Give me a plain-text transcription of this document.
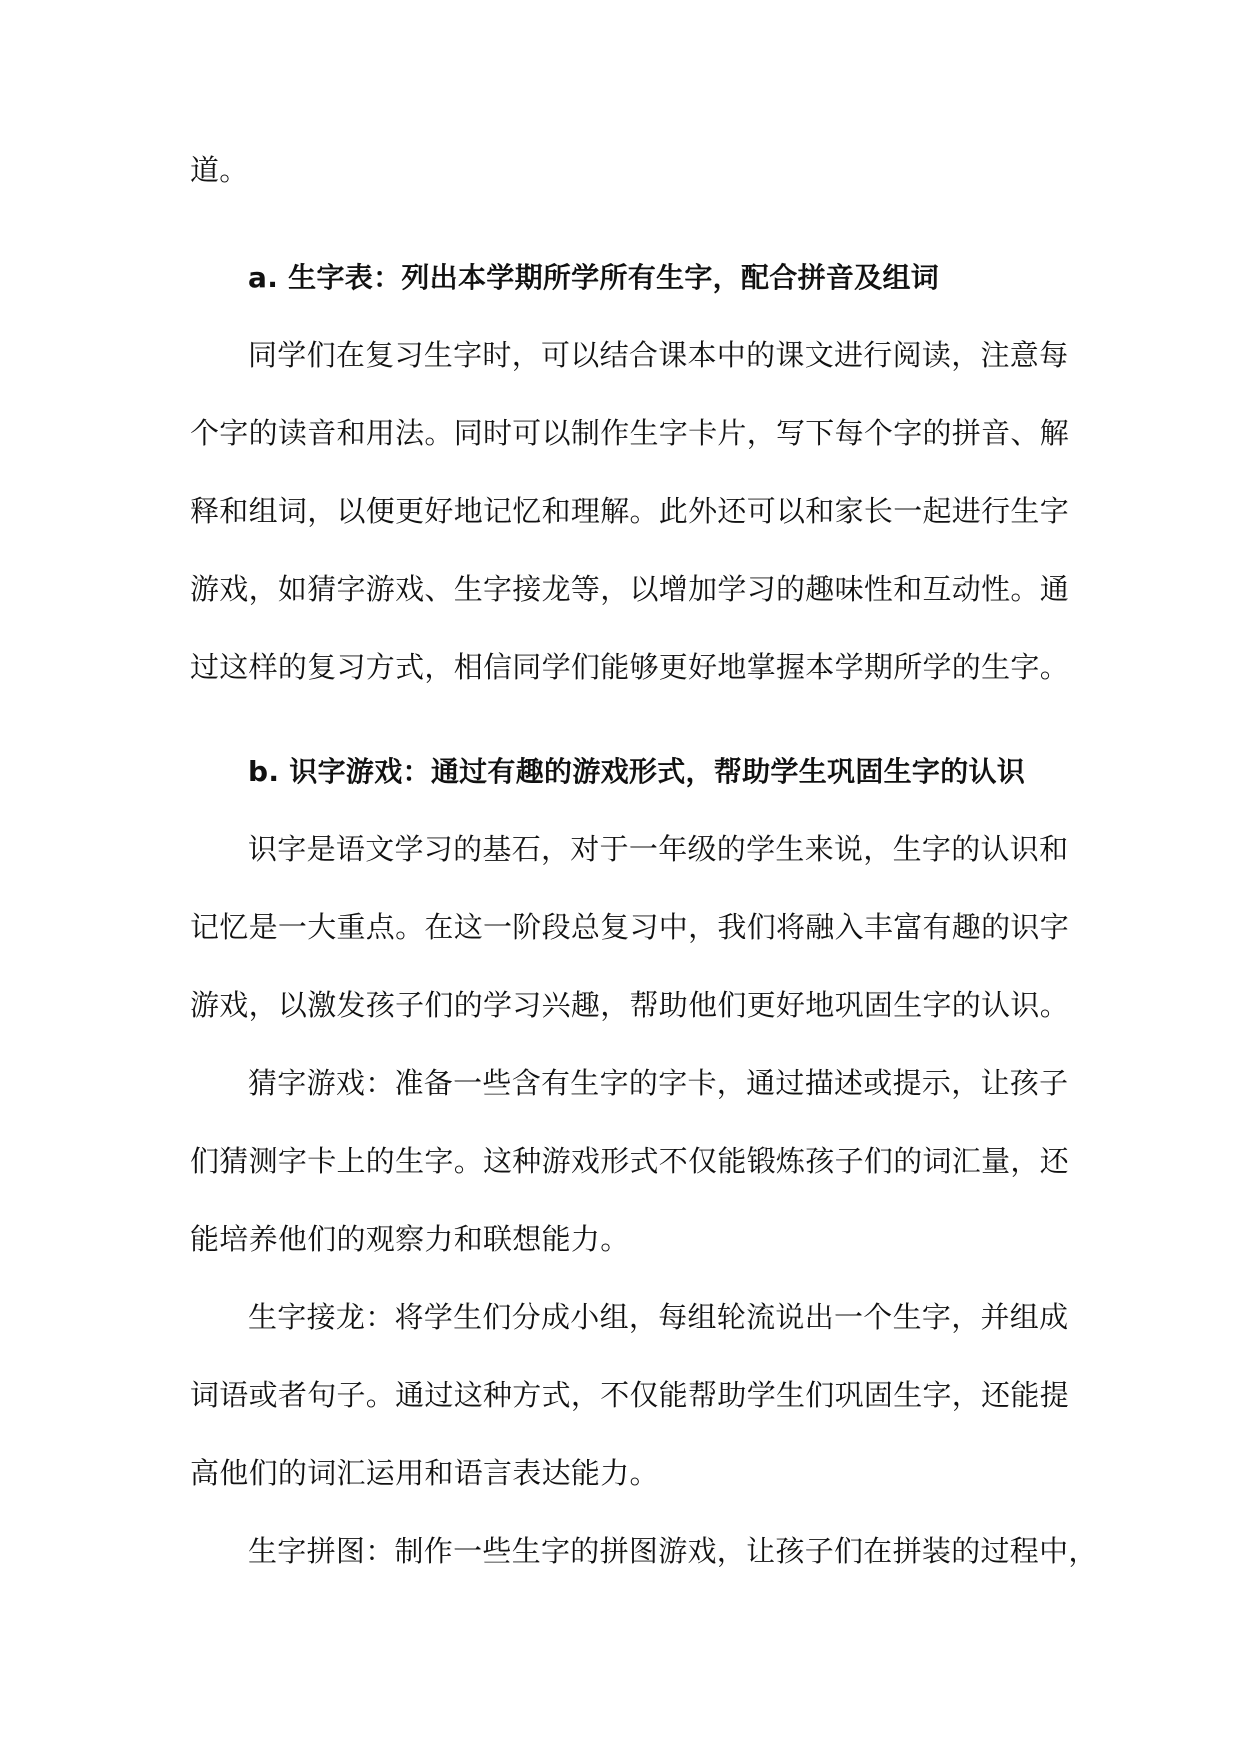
道。
a. 生字表：列出本学期所学所有生字，配合拼音及组词
同学们在复习生字时，可以结合课本中的课文进行阅读，注意每
个字的读音和用法。同时可以制作生字卡片，写下每个字的拼音、解
释和组词，以便更好地记忆和理解。此外还可以和家长一起进行生字
游戏，如猜字游戏、生字接龙等，以增加学习的趣味性和互动性。通
过这样的复习方式，相信同学们能够更好地掌握本学期所学的生字。
b. 识字游戏：通过有趣的游戏形式，帮助学生巩固生字的认识
识字是语文学习的基石，对于一年级的学生来说，生字的认识和
记忆是一大重点。在这一阶段总复习中，我们将融入丰富有趣的识字
游戏，以激发孩子们的学习兴趣，帮助他们更好地巩固生字的认识。
猜字游戏：准备一些含有生字的字卡，通过描述或提示，让孩子
们猜测字卡上的生字。这种游戏形式不仅能锻炼孩子们的词汇量，还
能培养他们的观察力和联想能力。
生字接龙：将学生们分成小组，每组轮流说出一个生字，并组成
词语或者句子。通过这种方式，不仅能帮助学生们巩固生字，还能提
高他们的词汇运用和语言表达能力。
生字拼图：制作一些生字的拼图游戏，让孩子们在拼装的过程中，
